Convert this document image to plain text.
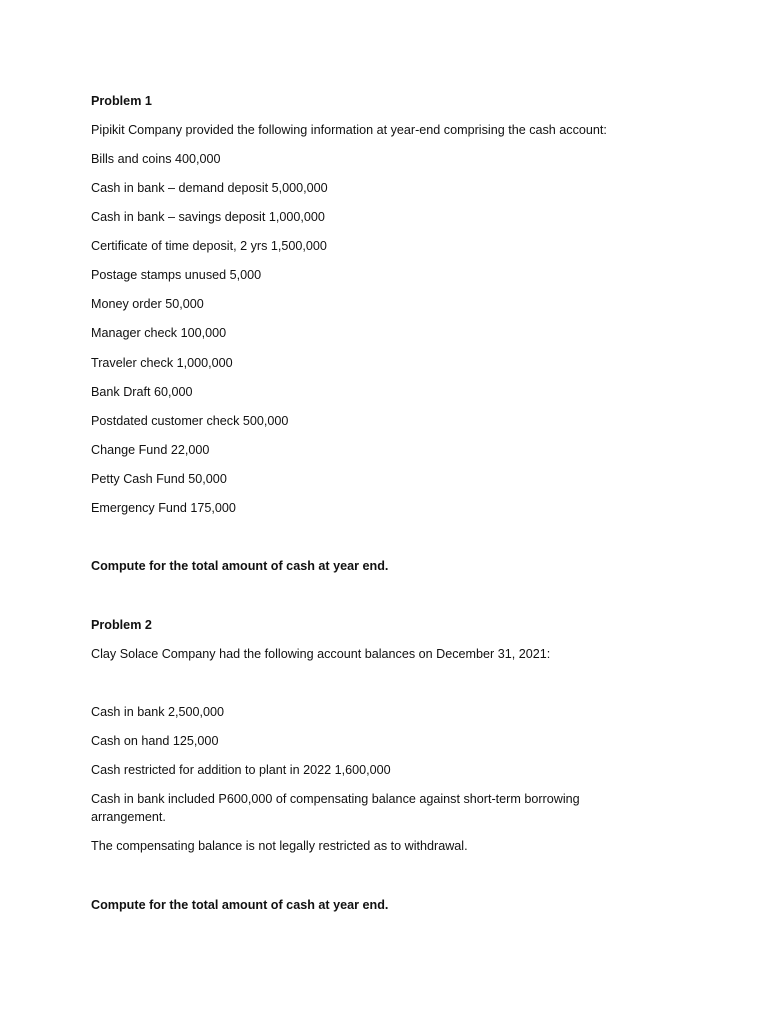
Problem 1
Pipikit Company provided the following information at year-end comprising the cash account:
Bills and coins 400,000
Cash in bank – demand deposit 5,000,000
Cash in bank – savings deposit 1,000,000
Certificate of time deposit, 2 yrs 1,500,000
Postage stamps unused 5,000
Money order 50,000
Manager check 100,000
Traveler check 1,000,000
Bank Draft 60,000
Postdated customer check 500,000
Change Fund 22,000
Petty Cash Fund 50,000
Emergency Fund 175,000
Compute for the total amount of cash at year end.
Problem 2
Clay Solace Company had the following account balances on December 31, 2021:
Cash in bank 2,500,000
Cash on hand 125,000
Cash restricted for addition to plant in 2022 1,600,000
Cash in bank included P600,000 of compensating balance against short-term borrowing arrangement.
The compensating balance is not legally restricted as to withdrawal.
Compute for the total amount of cash at year end.
